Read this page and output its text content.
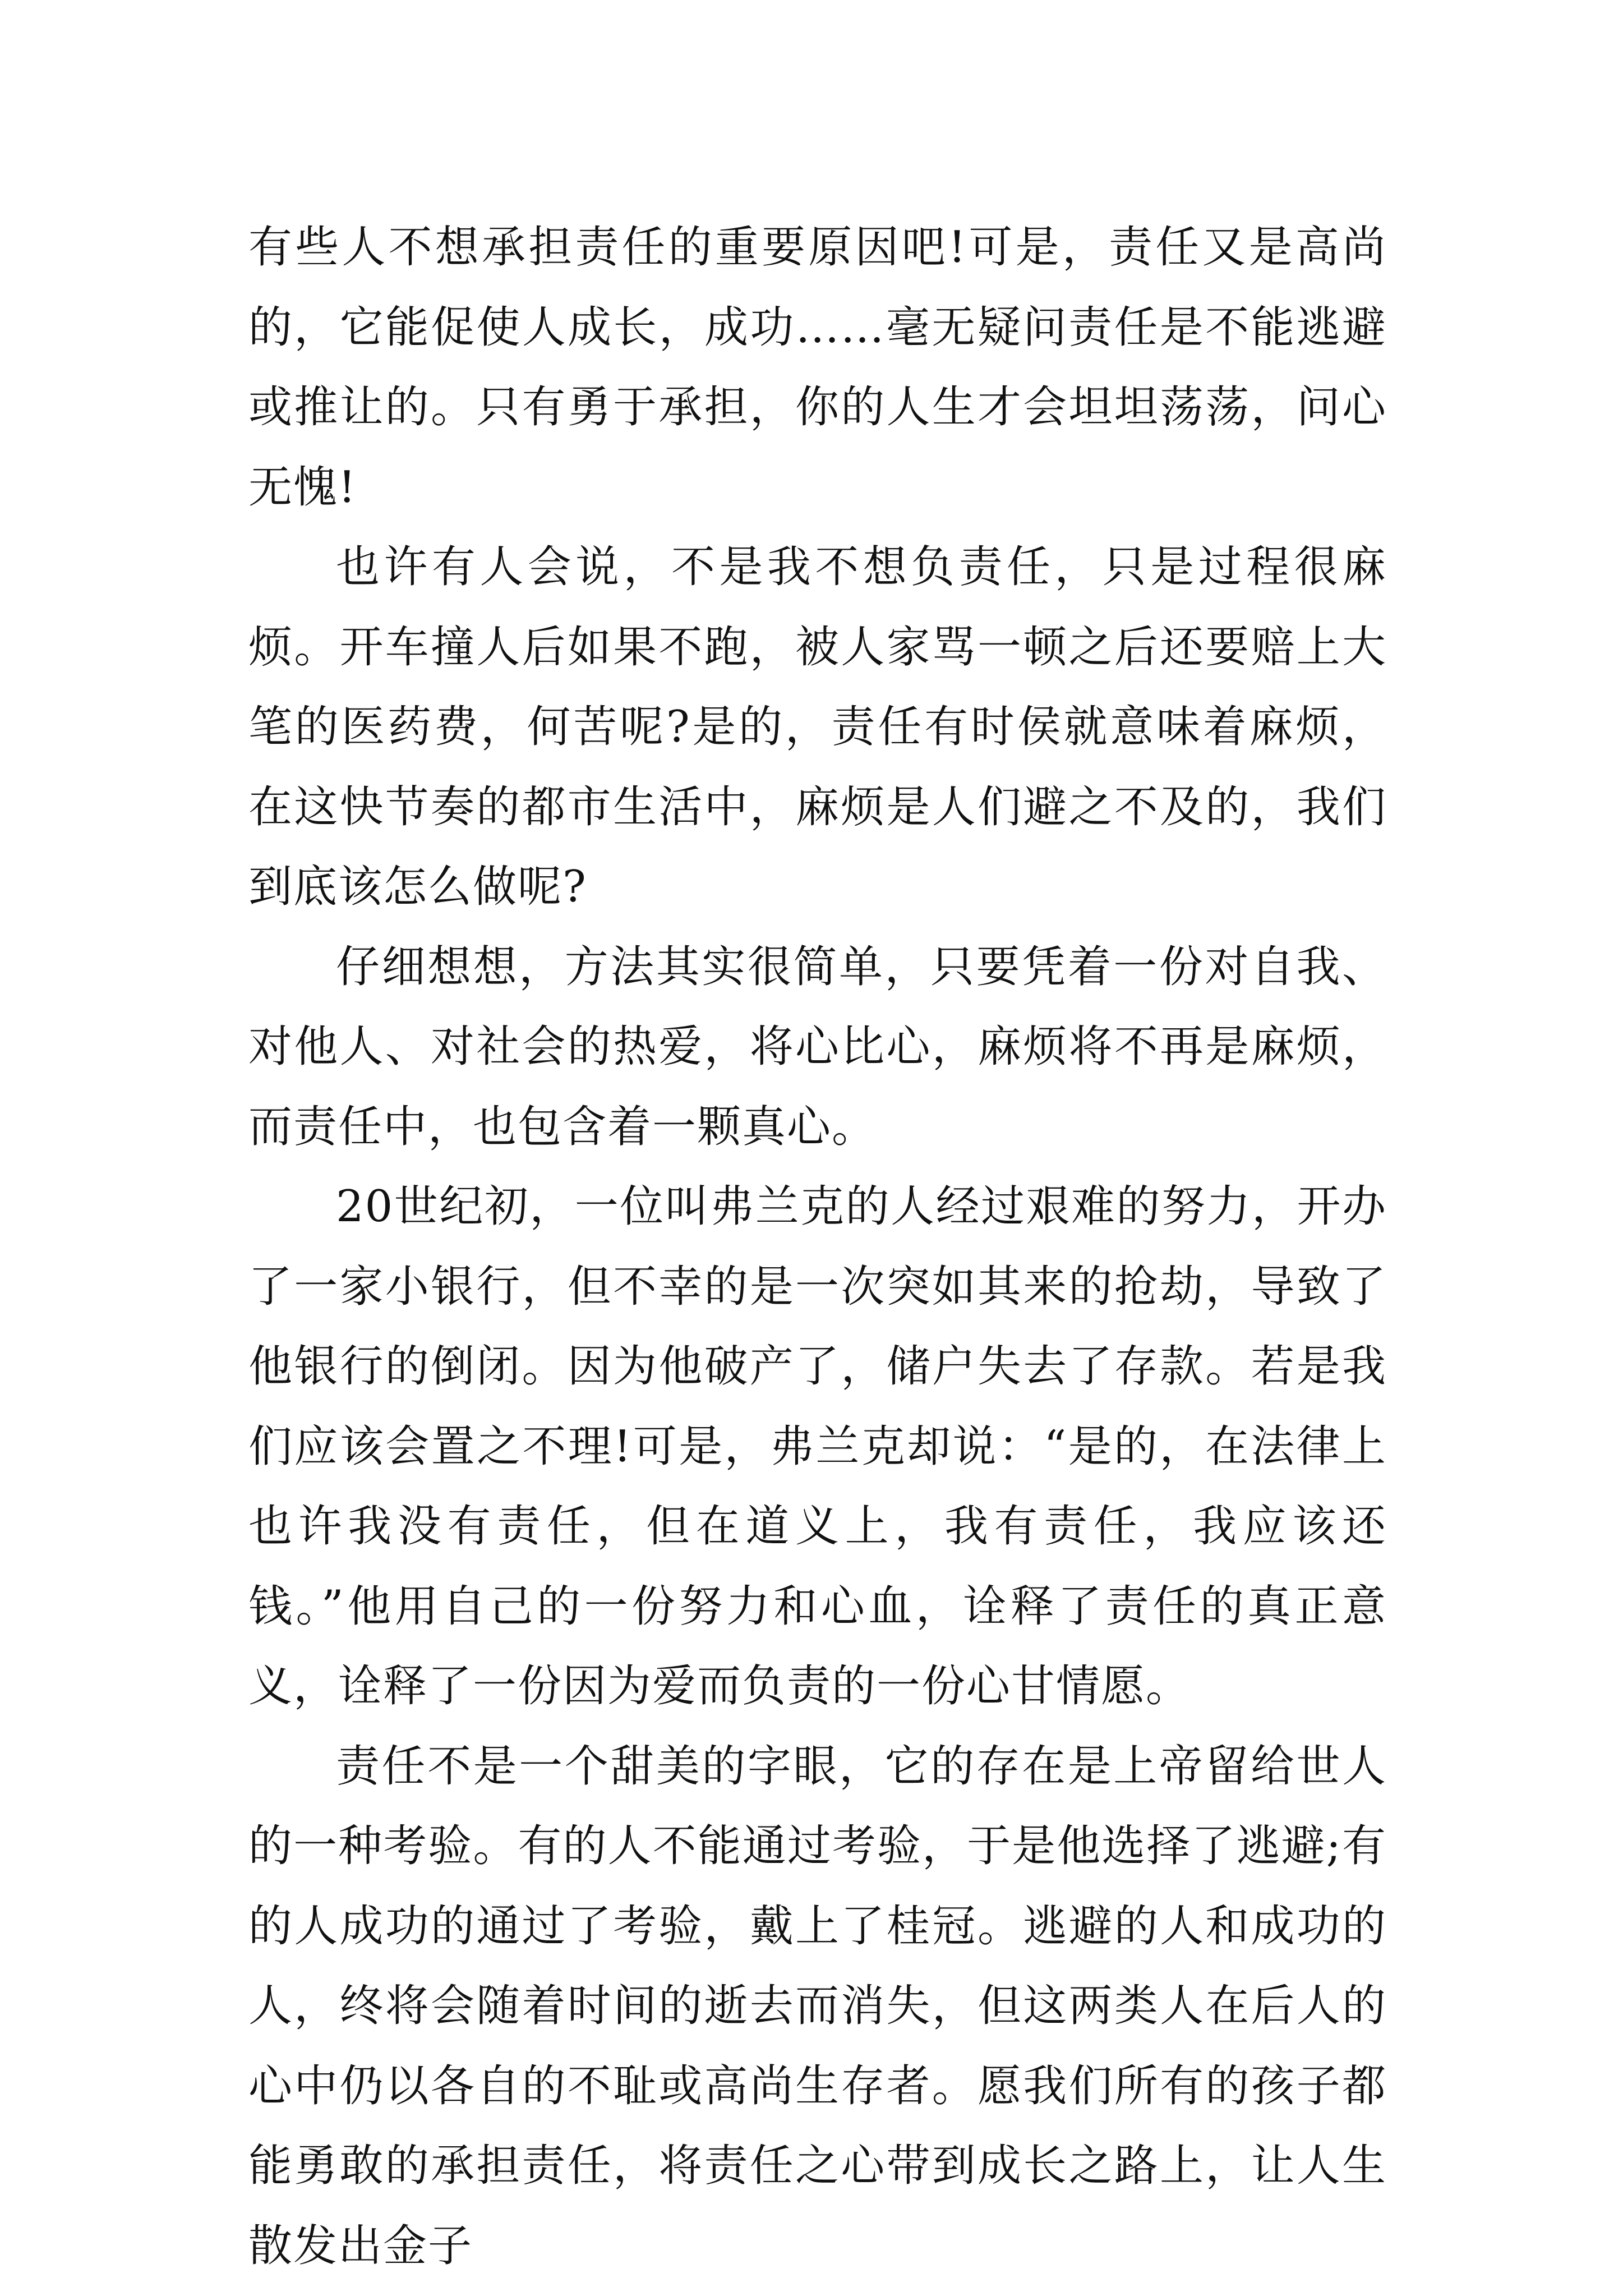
有些人不想承担责任的重要原因吧!可是，责任又是高尚的，它能促使人成长，成功……毫无疑问责任是不能逃避或推让的。只有勇于承担，你的人生才会坦坦荡荡，问心无愧!

也许有人会说，不是我不想负责任，只是过程很麻烦。开车撞人后如果不跑，被人家骂一顿之后还要赔上大笔的医药费，何苦呢?是的，责任有时侯就意味着麻烦，在这快节奏的都市生活中，麻烦是人们避之不及的，我们到底该怎么做呢?

仔细想想，方法其实很简单，只要凭着一份对自我、对他人、对社会的热爱，将心比心，麻烦将不再是麻烦，而责任中，也包含着一颗真心。

20世纪初，一位叫弗兰克的人经过艰难的努力，开办了一家小银行，但不幸的是一次突如其来的抢劫，导致了他银行的倒闭。因为他破产了，储户失去了存款。若是我们应该会置之不理!可是，弗兰克却说：“是的，在法律上也许我没有责任，但在道义上，我有责任，我应该还钱。”他用自己的一份努力和心血，诠释了责任的真正意义，诠释了一份因为爱而负责的一份心甘情愿。

责任不是一个甜美的字眼，它的存在是上帝留给世人的一种考验。有的人不能通过考验，于是他选择了逃避;有的人成功的通过了考验，戴上了桂冠。逃避的人和成功的人，终将会随着时间的逝去而消失，但这两类人在后人的心中仍以各自的不耻或高尚生存者。愿我们所有的孩子都能勇敢的承担责任，将责任之心带到成长之路上，让人生散发出金子
